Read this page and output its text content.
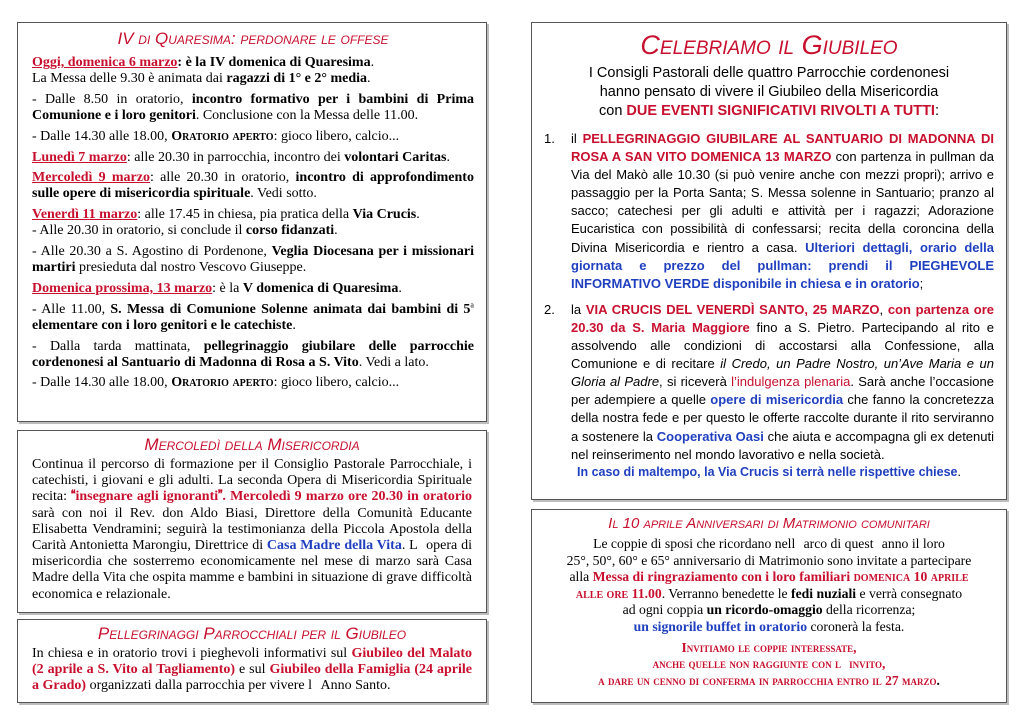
IV di Quaresima: perdonare le offese

Oggi, domenica 6 marzo: è la IV domenica di Quaresima.
La Messa delle 9.30 è animata dai ragazzi di 1° e 2° media.

- Dalle 8.50 in oratorio, incontro formativo per i bambini di Prima Comunione e i loro genitori. Conclusione con la Messa delle 11.00.

- Dalle 14.30 alle 18.00, Oratorio aperto: gioco libero, calcio...

Lunedì 7 marzo: alle 20.30 in parrocchia, incontro dei volontari Caritas.

Mercoledì 9 marzo: alle 20.30 in oratorio, incontro di approfondimento sulle opere di misericordia spirituale. Vedi sotto.

Venerdì 11 marzo: alle 17.45 in chiesa, pia pratica della Via Crucis.
- Alle 20.30 in oratorio, si conclude il corso fidanzati.

- Alle 20.30 a S. Agostino di Pordenone, Veglia Diocesana per i missionari martiri presieduta dal nostro Vescovo Giuseppe.

Domenica prossima, 13 marzo: è la V domenica di Quaresima.

- Alle 11.00, S. Messa di Comunione Solenne animata dai bambini di 5$^a$ elementare con i loro genitori e le catechiste.

- Dalla tarda mattinata, pellegrinaggio giubilare delle parrocchie cordenonesi al Santuario di Madonna di Rosa a S. Vito. Vedi a lato.

- Dalle 14.30 alle 18.00, Oratorio aperto: gioco libero, calcio...

Mercoledì della Misericordia

Continua il percorso di formazione per il Consiglio Pastorale Parrocchiale, i catechisti, i giovani e gli adulti. La seconda Opera di Misericordia Spirituale recita: insegnare agli ignoranti. Mercoledì 9 marzo ore 20.30 in oratorio sarà con noi il Rev. don Aldo Biasi, Direttore della Comunità Educante Elisabetta Vendramini; seguirà la testimonianza della Piccola Apostola della Carità Antonietta Marongiu, Direttrice di Casa Madre della Vita. Lopera di misericordia che sosterremo economicamente nel mese di marzo sarà Casa Madre della Vita che ospita mamme e bambini in situazione di grave difficoltà economica e relazionale.

Pellegrinaggi Parrocchiali per il Giubileo

In chiesa e in oratorio trovi i pieghevoli informativi sul Giubileo del Malato (2 aprile a S. Vito al Tagliamento) e sul Giubileo della Famiglia (24 aprile a Grado) organizzati dalla parrocchia per vivere lAnno Santo.

Celebriamo il Giubileo
I Consigli Pastorali delle quattro Parrocchie cordenonesi
hanno pensato di vivere il Giubileo della Misericordia
con DUE EVENTI SIGNIFICATIVI RIVOLTI A TUTTI:
1. il PELLEGRINAGGIO GIUBILARE AL SANTUARIO DI MADONNA DI ROSA A SAN VITO DOMENICA 13 MARZO con partenza in pullman da Via del Makò alle 10.30 (si può venire anche con mezzi propri); arrivo e passaggio per la Porta Santa; S. Messa solenne in Santuario; pranzo al sacco; catechesi per gli adulti e attività per i ragazzi; Adorazione Eucaristica con possibilità di confessarsi; recita della coroncina della Divina Misericordia e rientro a casa. Ulteriori dettagli, orario della giornata e prezzo del pullman: prendi il PIEGHEVOLE INFORMATIVO VERDE disponibile in chiesa e in oratorio;
2. la VIA CRUCIS DEL VENERDÌ SANTO, 25 MARZO, con partenza ore 20.30 da S. Maria Maggiore fino a S. Pietro. Partecipando al rito e assolvendo alle condizioni di accostarsi alla Confessione, alla Comunione e di recitare il Credo, un Padre Nostro, un’Ave Maria e un Gloria al Padre, si riceverà l’indulgenza plenaria. Sarà anche l’occasione per adempiere a quelle opere di misericordia che fanno la concretezza della nostra fede e per questo le offerte raccolte durante il rito serviranno a sostenere la Cooperativa Oasi che aiuta e accompagna gli ex detenuti nel reinserimento nel mondo lavorativo e nella società.
In caso di maltempo, la Via Crucis si terrà nelle rispettive chiese.
Il 10 aprile Anniversari di Matrimonio comunitari
Le coppie di sposi che ricordano nellarco di questanno il loro
25°, 50°, 60° e 65° anniversario di Matrimonio sono invitate a partecipare
alla Messa di ringraziamento con i loro familiari domenica 10 aprile
alle ore 11.00. Verranno benedette le fedi nuziali e verrà consegnato
ad ogni coppia un ricordo-omaggio della ricorrenza;
un signorile buffet in oratorio coronerà la festa.
Invitiamo le coppie interessate,
anche quelle non raggiunte con linvito,
a dare un cenno di conferma in parrocchia entro il 27 marzo.
